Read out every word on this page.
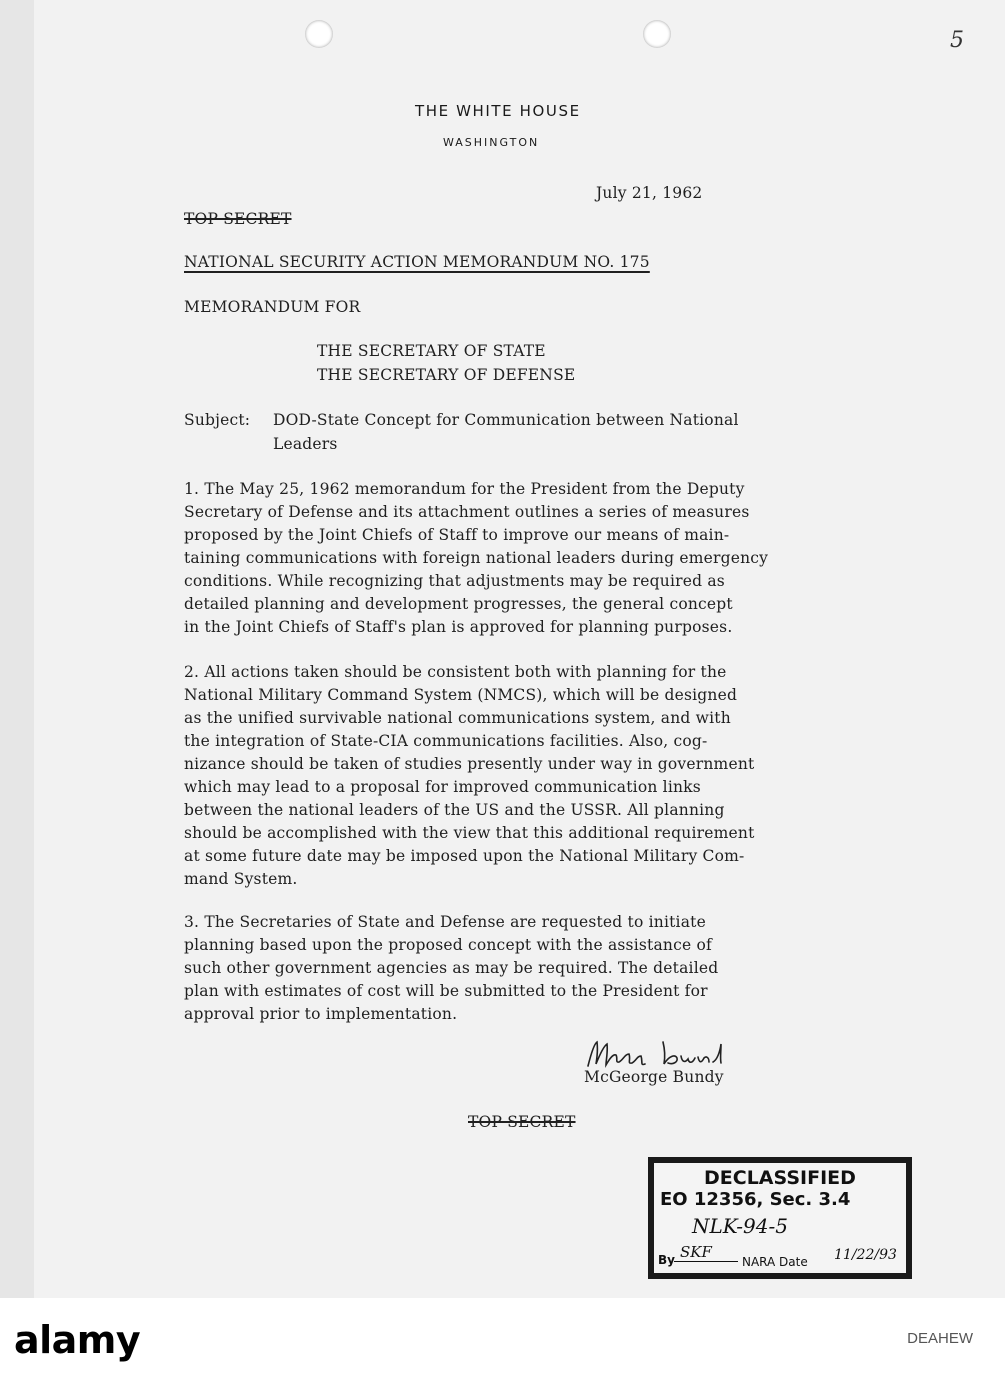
5
THE WHITE HOUSE
WASHINGTON
July 21, 1962
TOP SECRET
NATIONAL SECURITY ACTION MEMORANDUM NO. 175
MEMORANDUM FOR
THE SECRETARY OF STATE
THE SECRETARY OF DEFENSE
Subject: DOD-State Concept for Communication between National
Leaders
1. The May 25, 1962 memorandum for the President from the Deputy
Secretary of Defense and its attachment outlines a series of measures
proposed by the Joint Chiefs of Staff to improve our means of main-
taining communications with foreign national leaders during emergency
conditions. While recognizing that adjustments may be required as
detailed planning and development progresses, the general concept
in the Joint Chiefs of Staff's plan is approved for planning purposes.
2. All actions taken should be consistent both with planning for the
National Military Command System (NMCS), which will be designed
as the unified survivable national communications system, and with
the integration of State-CIA communications facilities. Also, cog-
nizance should be taken of studies presently under way in government
which may lead to a proposal for improved communication links
between the national leaders of the US and the USSR. All planning
should be accomplished with the view that this additional requirement
at some future date may be imposed upon the National Military Com-
mand System.
3. The Secretaries of State and Defense are requested to initiate
planning based upon the proposed concept with the assistance of
such other government agencies as may be required. The detailed
plan with estimates of cost will be submitted to the President for
approval prior to implementation.
McGeorge Bundy
TOP SECRET
DECLASSIFIED
EO 12356, Sec. 3.4
NLK-94-5
By SKF
NARA Date 11/22/93
alamy	DEAHEW
